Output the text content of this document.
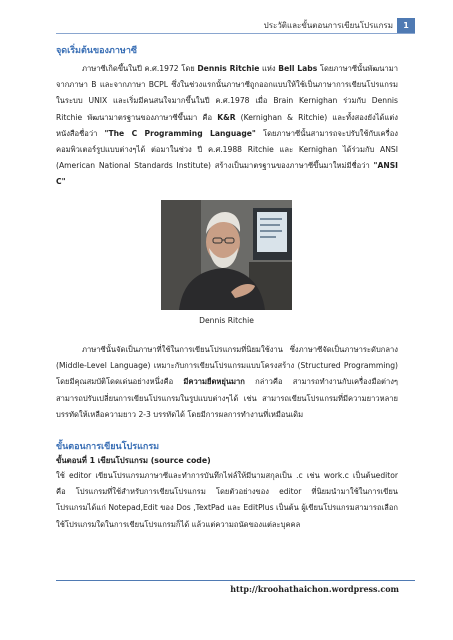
ประวัติและขั้นตอนการเขียนโปรแกรม	1
จุดเริ่มต้นของภาษาซี

ภาษาซีเกิดขึ้นในปี ค.ศ.1972 โดย Dennis Ritchie แห่ง Bell Labs โดยภาษาซีนั้นพัฒนามาจากภาษา B และจากภาษา BCPL ซึ่งในช่วงแรกนั้นภาษาซีถูกออกแบบให้ใช้เป็นภาษาการเขียนโปรแกรมในระบบ UNIX และเริ่มมีคนสนใจมากขึ้นในปี ค.ศ.1978 เมื่อ Brain Kernighan ร่วมกับ Dennis Ritchie พัฒนามาตรฐานของภาษาซีขึ้นมา คือ K&R (Kernighan & Ritchie) และทั้งสองยังได้แต่งหนังสือชื่อว่า "The C Programming Language" โดยภาษาซีนั้นสามารถจะปรับใช้กับเครื่องคอมพิวเตอร์รูปแบบต่างๆได้ ต่อมาในช่วง ปี ค.ศ.1988 Ritchie และ Kernighan ได้ร่วมกับ ANSI (American National Standards Institute) สร้างเป็นมาตรฐานของภาษาซีขึ้นมาใหม่มีชื่อว่า "ANSI C"

Dennis Ritchie

ภาษาซีนั้นจัดเป็นภาษาที่ใช้ในการเขียนโปรแกรมที่นิยมใช้งาน ซึ่งภาษาซีจัดเป็นภาษาระดับกลาง (Middle-Level Language) เหมาะกับการเขียนโปรแกรมแบบโครงสร้าง (Structured Programming) โดยมีคุณสมบัติโดดเด่นอย่างหนึ่งคือ มีความยืดหยุ่นมาก กล่าวคือ สามารถทำงานกับเครื่องมือต่างๆ สามารถปรับเปลี่ยนการเขียนโปรแกรมในรูปแบบต่างๆได้ เช่น สามารถเขียนโปรแกรมที่มีความยาวหลายบรรทัดให้เหลือความยาว 2-3 บรรทัดได้ โดยมีการผลการทำงานที่เหมือนเดิม

ขั้นตอนการเขียนโปรแกรม
ขั้นตอนที่ 1 เขียนโปรแกรม (source code)

ใช้ editor เขียนโปรแกรมภาษาซีและทำการบันทึกไฟล์ให้มีนามสกุลเป็น .c เช่น work.c เป็นต้นeditor คือ โปรแกรมที่ใช้สำหรับการเขียนโปรแกรม โดยตัวอย่างของ editor ที่นิยมนำมาใช้ในการเขียนโปรแกรมได้แก่ Notepad,Edit ของ Dos ,TextPad และ EditPlus เป็นต้น ผู้เขียนโปรแกรมสามารถเลือกใช้โปรแกรมใดในการเขียนโปรแกรมก็ได้ แล้วแต่ความถนัดของแต่ละบุคคล

http://kroohathaichon.wordpress.com
